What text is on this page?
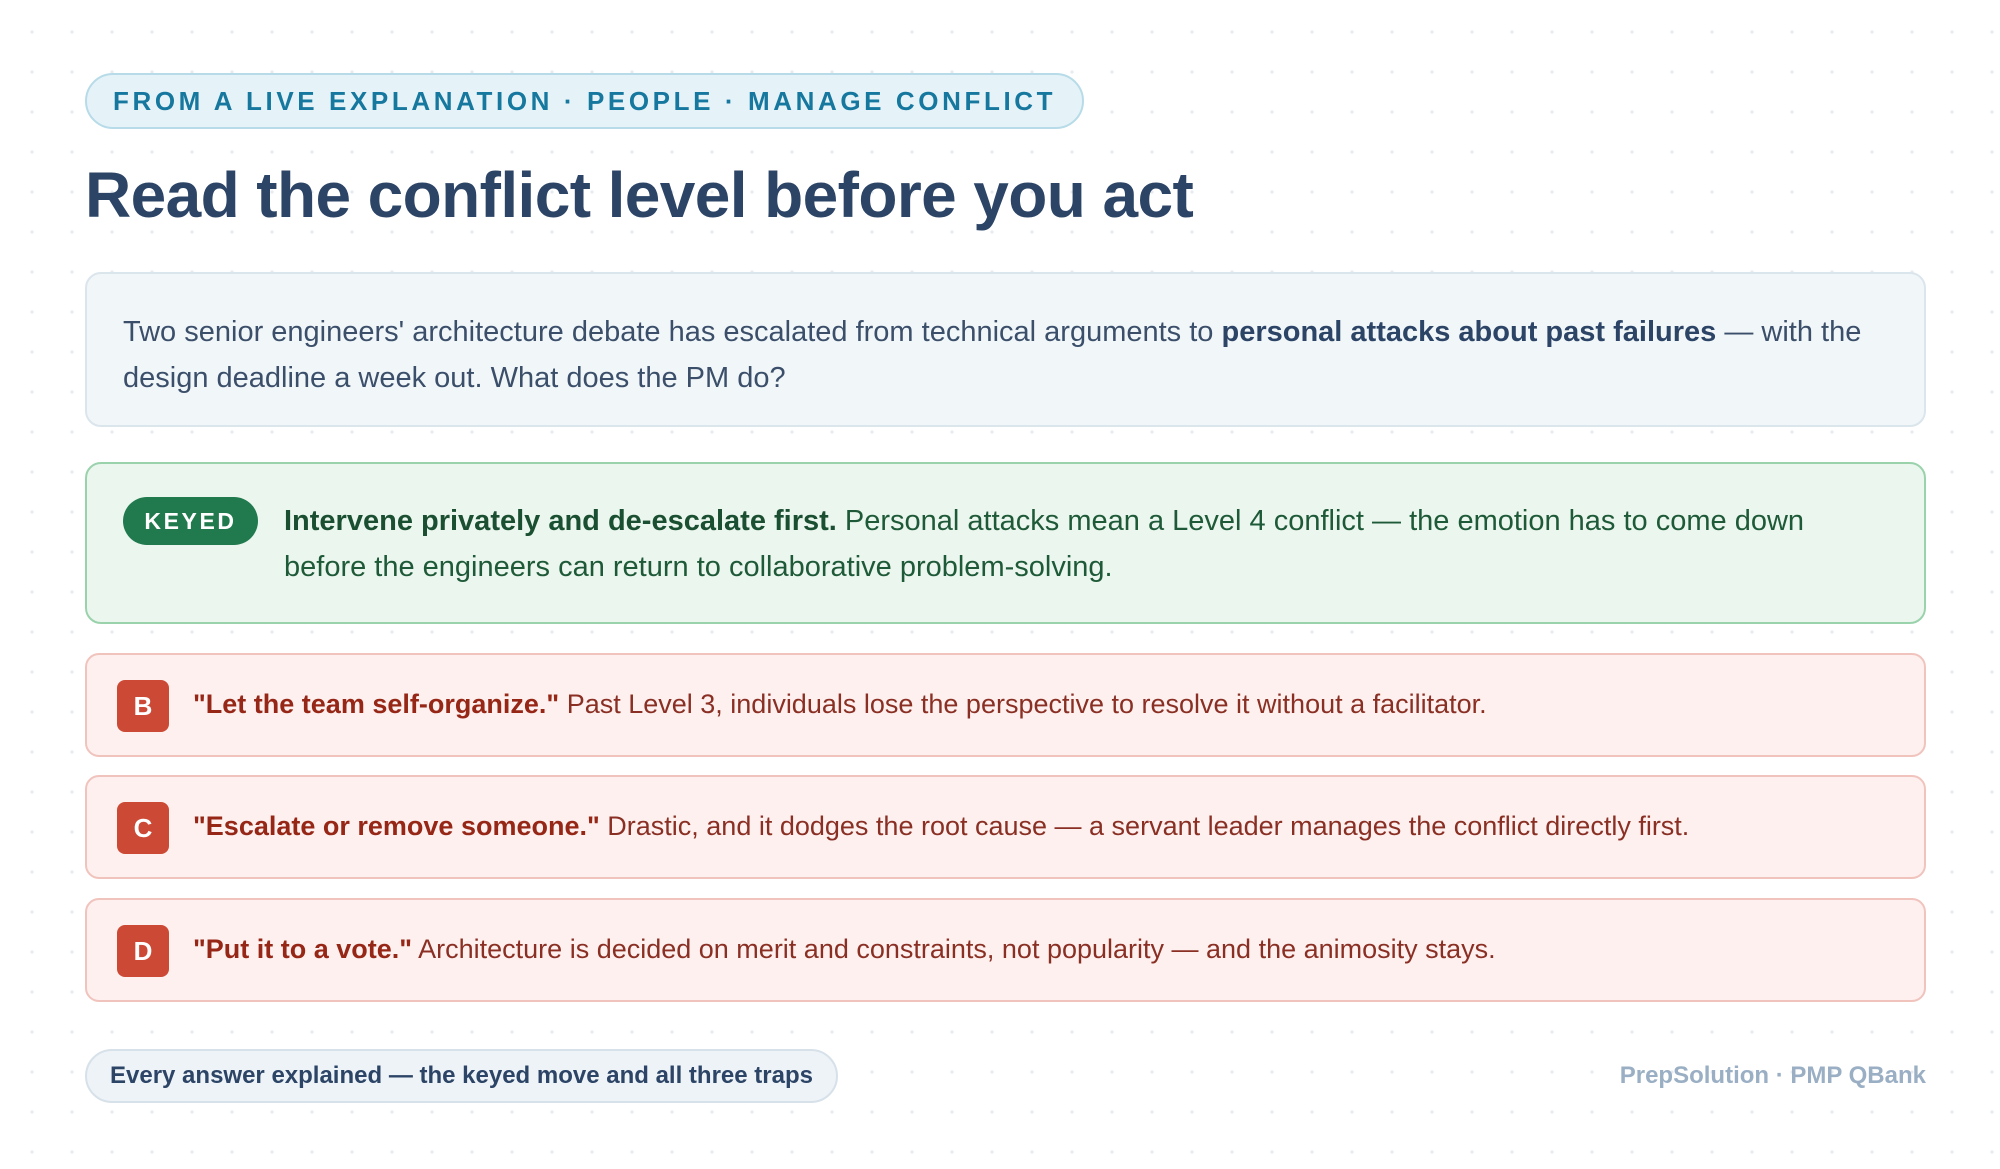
FROM A LIVE EXPLANATION · PEOPLE · MANAGE CONFLICT
Read the conflict level before you act
Two senior engineers' architecture debate has escalated from technical arguments to personal attacks about past failures — with the design deadline a week out. What does the PM do?
KEYED	Intervene privately and de-escalate first. Personal attacks mean a Level 4 conflict — the emotion has to come down before the engineers can return to collaborative problem-solving.
B	"Let the team self-organize." Past Level 3, individuals lose the perspective to resolve it without a facilitator.
C	"Escalate or remove someone." Drastic, and it dodges the root cause — a servant leader manages the conflict directly first.
D	"Put it to a vote." Architecture is decided on merit and constraints, not popularity — and the animosity stays.
Every answer explained — the keyed move and all three traps	PrepSolution · PMP QBank
